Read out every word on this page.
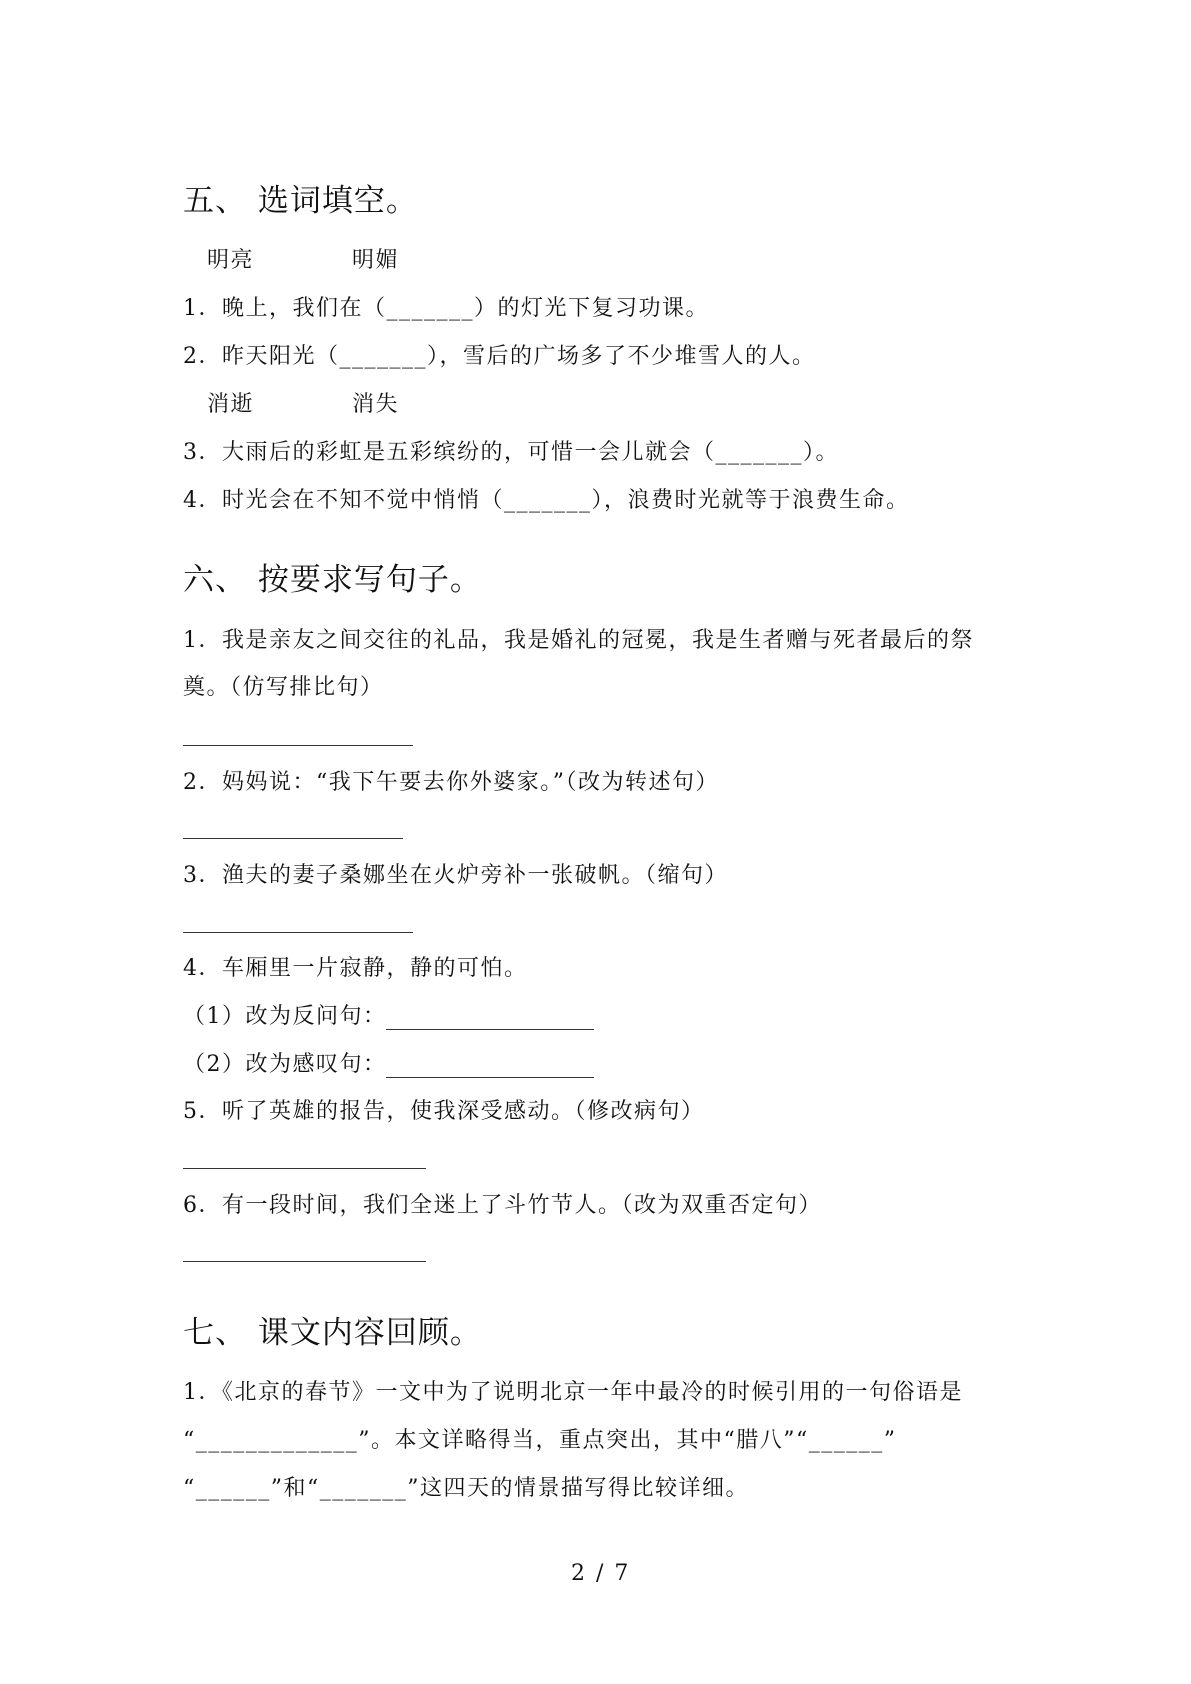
五、 选词填空。
明亮	明媚
1．晚上，我们在（_______）的灯光下复习功课。
2．昨天阳光（_______），雪后的广场多了不少堆雪人的人。
消逝	消失
3．大雨后的彩虹是五彩缤纷的，可惜一会儿就会（_______）。
4．时光会在不知不觉中悄悄（_______），浪费时光就等于浪费生命。
六、 按要求写句子。
1．我是亲友之间交往的礼品，我是婚礼的冠冕，我是生者赠与死者最后的祭
奠。（仿写排比句）
2．妈妈说：“我下午要去你外婆家。”（改为转述句）
3．渔夫的妻子桑娜坐在火炉旁补一张破帆。（缩句）
4．车厢里一片寂静，静的可怕。
（1）改为反问句：
（2）改为感叹句：
5．听了英雄的报告，使我深受感动。（修改病句）
6．有一段时间，我们全迷上了斗竹节人。（改为双重否定句）
七、 课文内容回顾。
1．《北京的春节》一文中为了说明北京一年中最冷的时候引用的一句俗语是
“_____________”。本文详略得当，重点突出，其中“腊八”“______”
“______”和“_______”这四天的情景描写得比较详细。
2 / 7
